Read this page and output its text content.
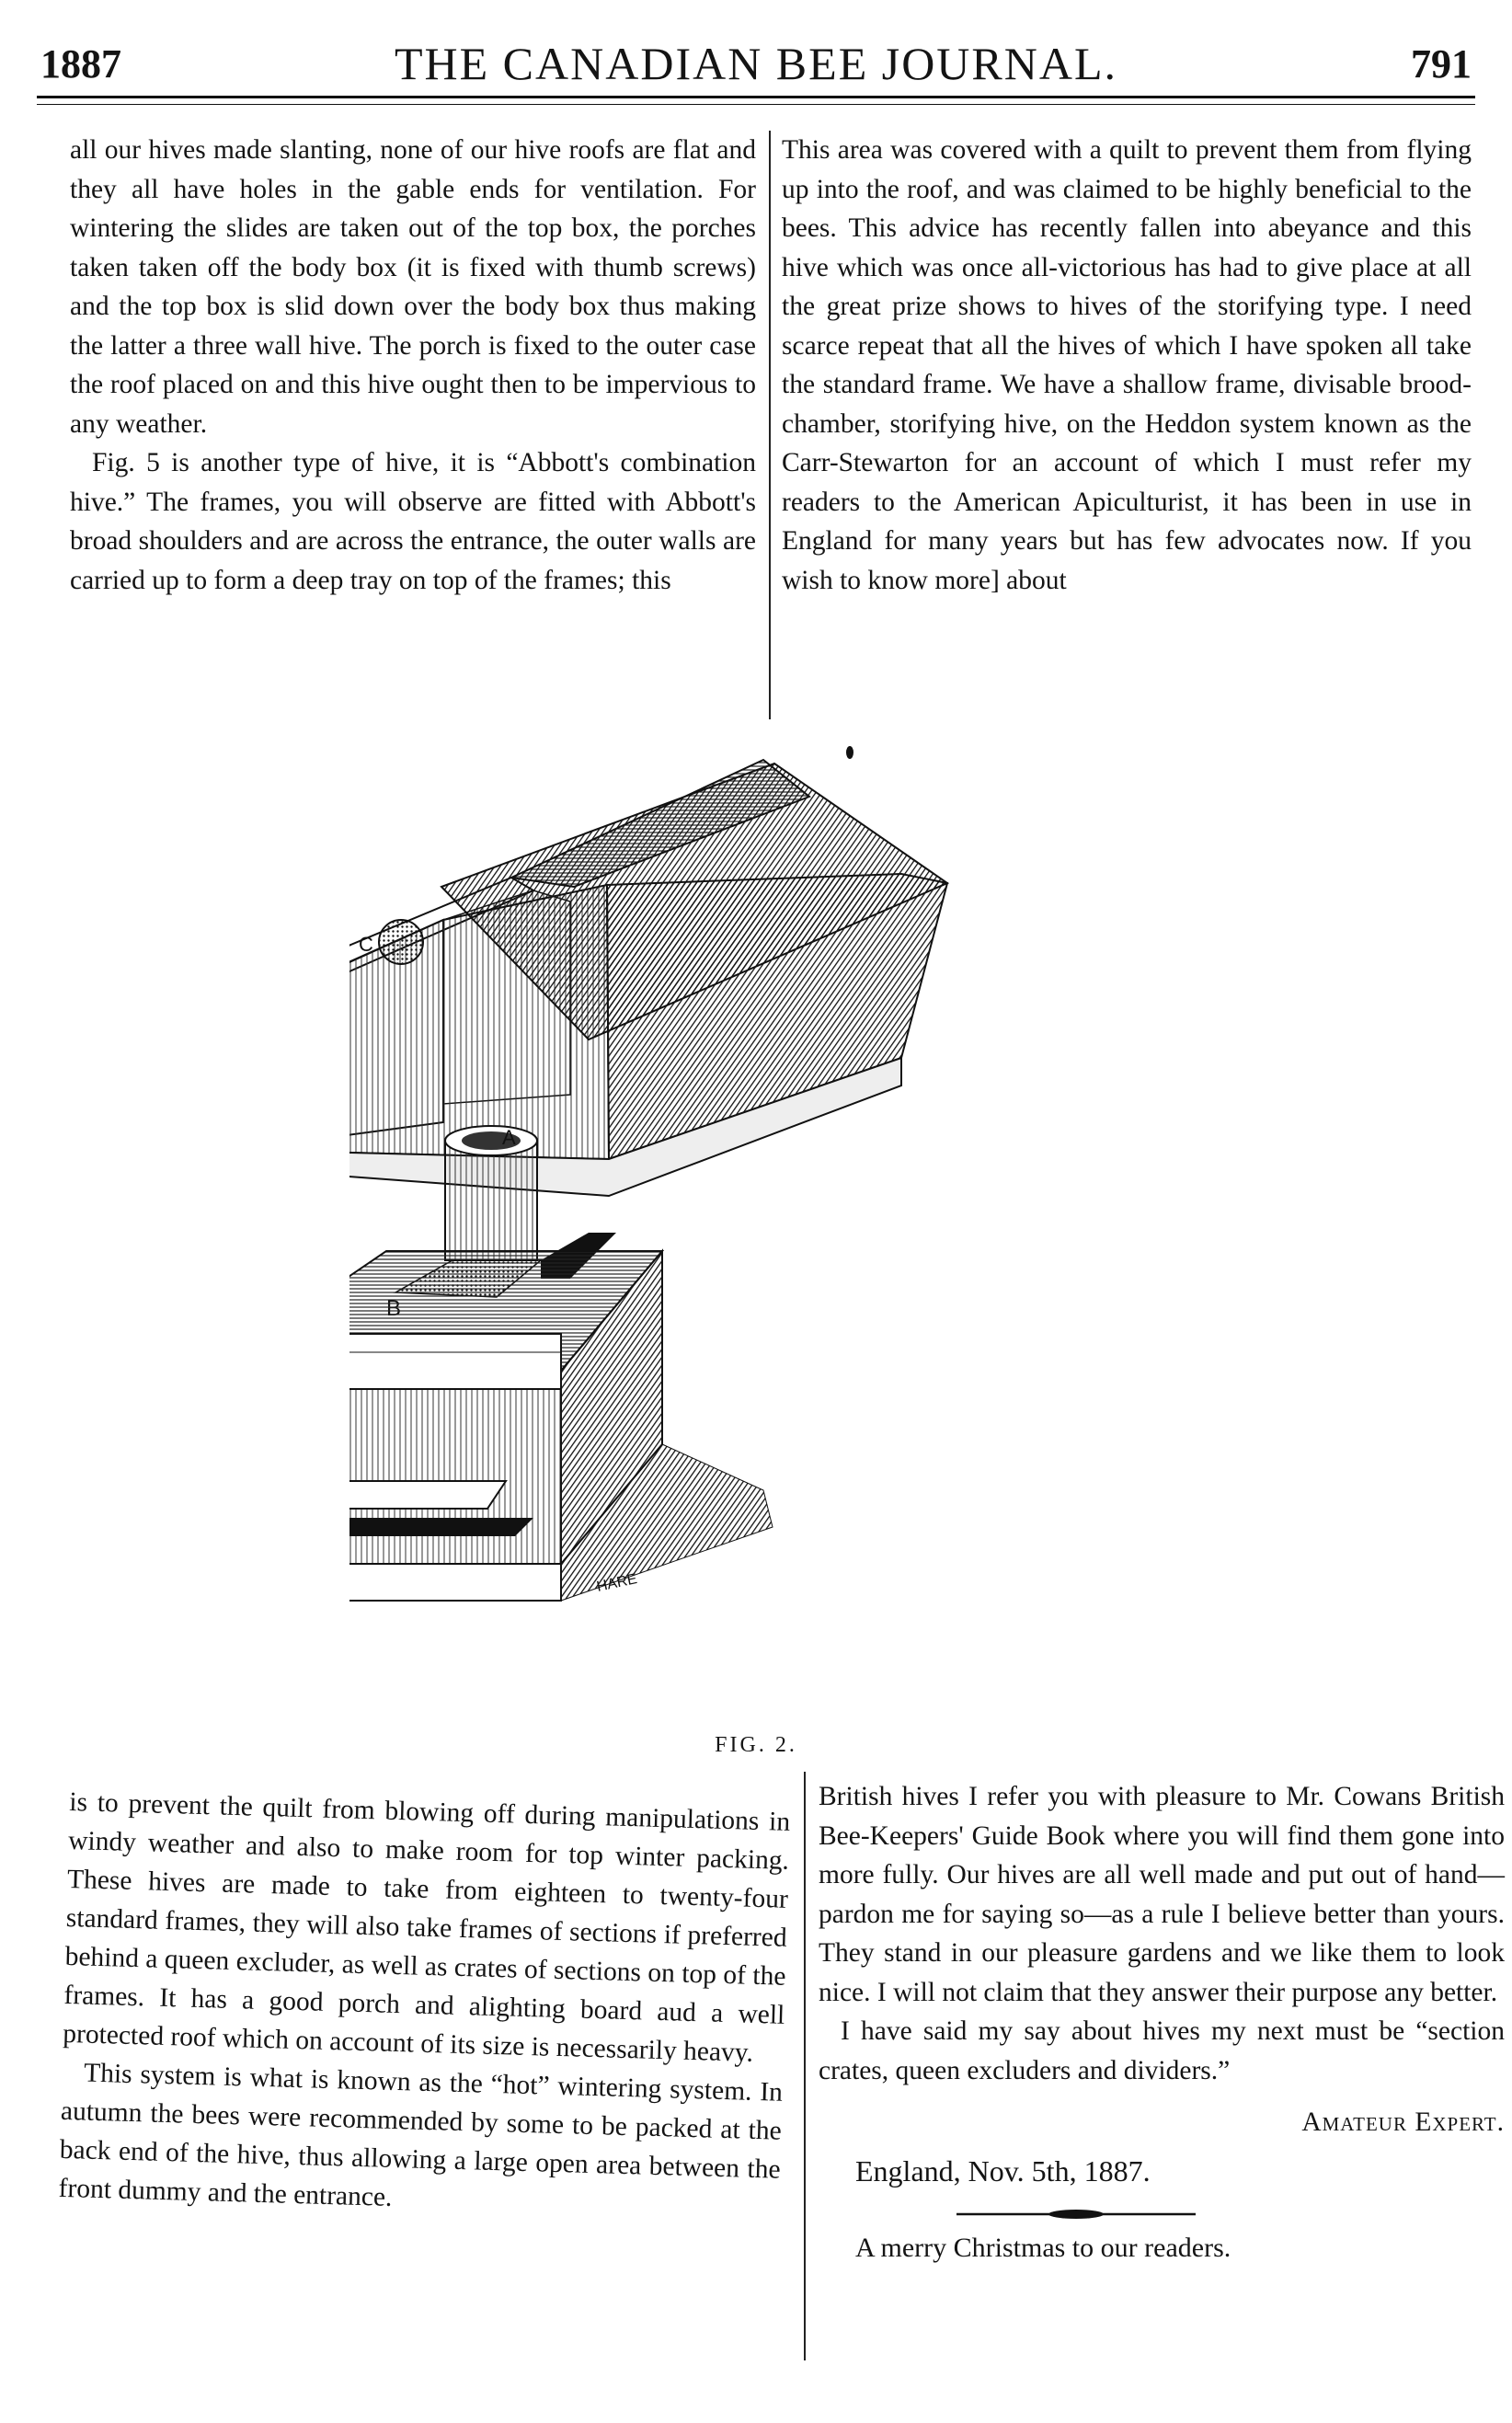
1887	THE CANADIAN BEE JOURNAL.	791

all our hives made slanting, none of our hive roofs are flat and they all have holes in the gable ends for ventilation. For wintering the slides are taken out of the top box, the porches taken taken off the body box (it is fixed with thumb screws) and the top box is slid down over the body box thus making the latter a three wall hive. The porch is fixed to the outer case the roof placed on and this hive ought then to be impervious to any weather.

Fig. 5 is another type of hive, it is “Abbott's combination hive.” The frames, you will observe are fitted with Abbott's broad shoulders and are across the entrance, the outer walls are carried up to form a deep tray on top of the frames; this

This area was covered with a quilt to prevent them from flying up into the roof, and was claimed to be highly beneficial to the bees. This advice has recently fallen into abeyance and this hive which was once all-victorious has had to give place at all the great prize shows to hives of the storifying type. I need scarce repeat that all the hives of which I have spoken all take the standard frame. We have a shallow frame, divisable brood-chamber, storifying hive, on the Heddon system known as the Carr-Stewarton for an account of which I must refer my readers to the American Apiculturist, it has been in use in England for many years but has few advocates now. If you wish to know more] about

C
A
HARE
FIG. 2.

is to prevent the quilt from blowing off during manipulations in windy weather and also to make room for top winter packing. These hives are made to take from eighteen to twenty-four standard frames, they will also take frames of sections if preferred behind a queen excluder, as well as crates of sections on top of the frames. It has a good porch and alighting board aud a well protected roof which on account of its size is necessarily heavy.

This system is what is known as the “hot” wintering system. In autumn the bees were recommended by some to be packed at the back end of the hive, thus allowing a large open area between the front dummy and the entrance.

British hives I refer you with pleasure to Mr. Cowans British Bee-Keepers' Guide Book where you will find them gone into more fully. Our hives are all well made and put out of hand—pardon me for saying so—as a rule I believe better than yours. They stand in our pleasure gardens and we like them to look nice. I will not claim that they answer their purpose any better.

I have said my say about hives my next must be “section crates, queen excluders and dividers.”

Amateur Expert.

England, Nov. 5th, 1887.

A merry Christmas to our readers.
